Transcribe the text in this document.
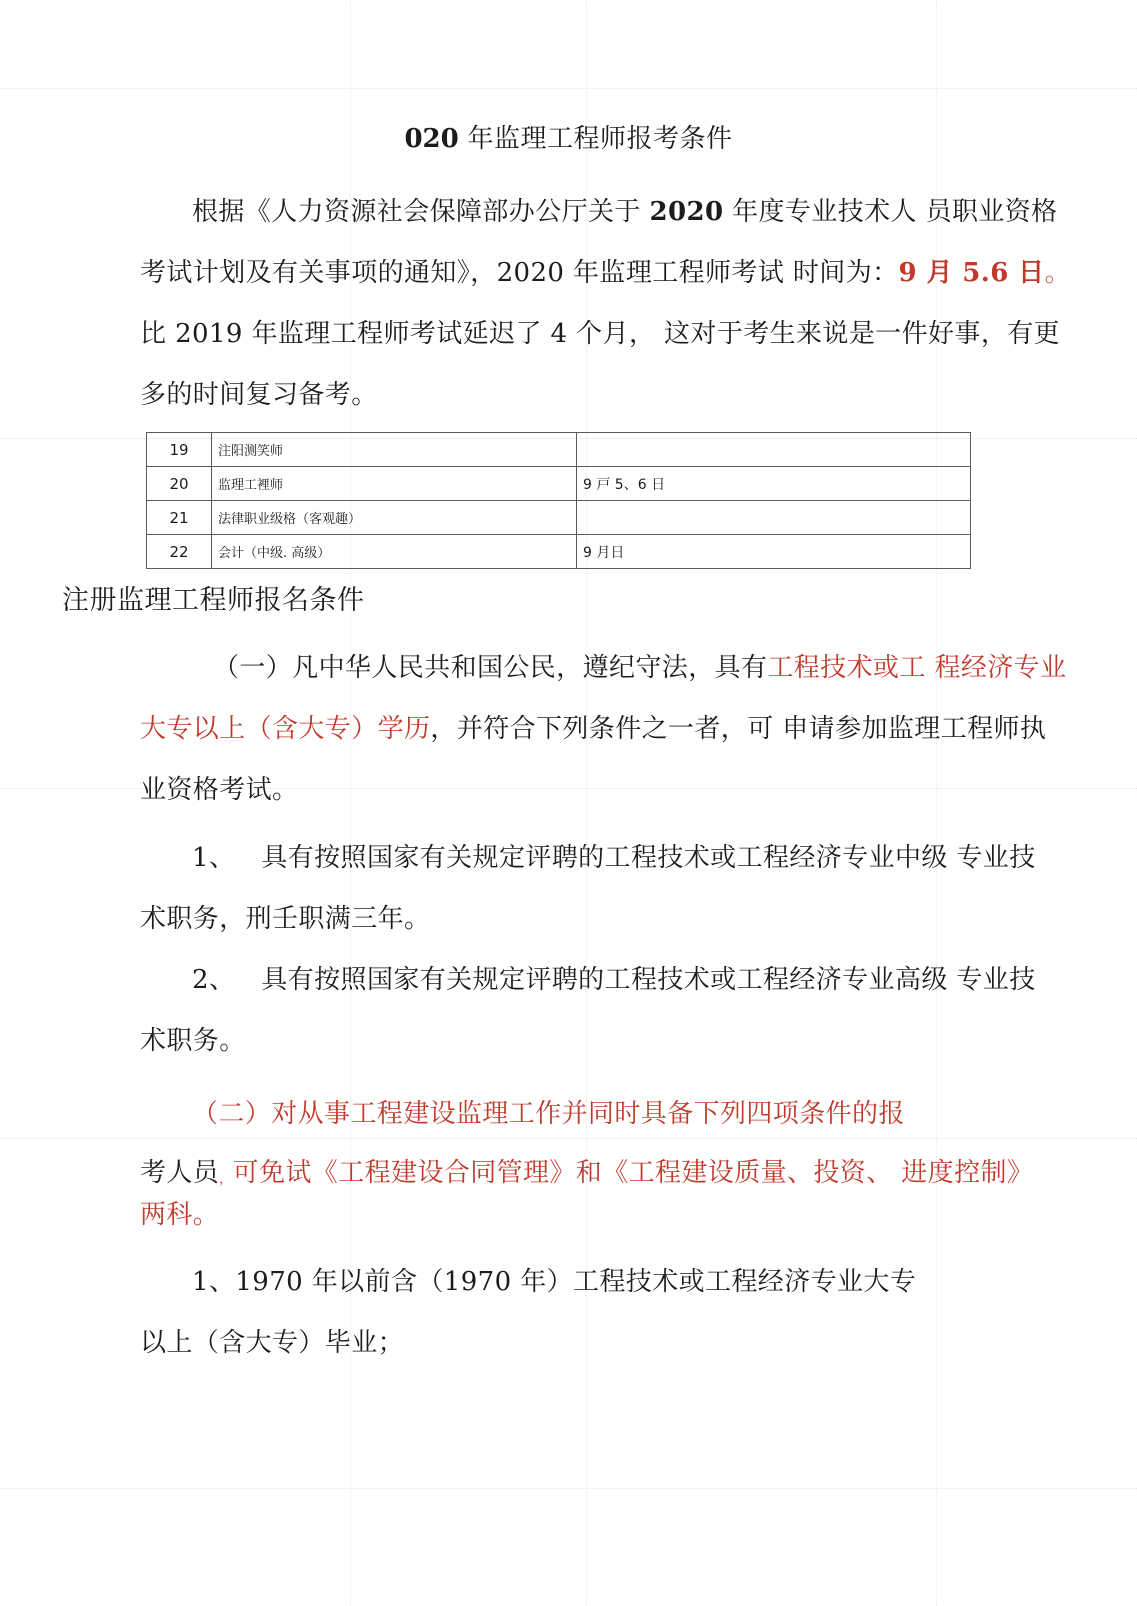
020 年监理工程师报考条件
根据《人力资源社会保障部办公厅关于 2020 年度专业技术人 员职业资格
考试计划及有关事项的通知》，2020 年监理工程师考试 时间为：9 月 5.6 日。
比 2019 年监理工程师考试延迟了 4 个月， 这对于考生来说是一件好事，有更
多的时间复习备考。
19	注阳测笑师	
20	监理工裡师	9 戸 5、6 日
21	法律职业级格（客观趣）	
22	会计（中级. 高级）	9 月日
注册监理工程师报名条件
（一）凡中华人民共和国公民，遵纪守法，具有工程技术或工 程经济专业
大专以上（含大专）学历，并符合下列条件之一者，可 申请参加监理工程师执
业资格考试。
1、 具有按照国家有关规定评聘的工程技术或工程经济专业中级 专业技
术职务，刑壬职满三年。
2、 具有按照国家有关规定评聘的工程技术或工程经济专业高级 专业技
术职务。
（二）对从事工程建设监理工作并同时具备下列四项条件的报
考人员，可免试《工程建设合同管理》和《工程建设质量、投资、 进度控制》
两科。
1、1970 年以前含（1970 年）工程技术或工程经济专业大专
以上（含大专）毕业；
